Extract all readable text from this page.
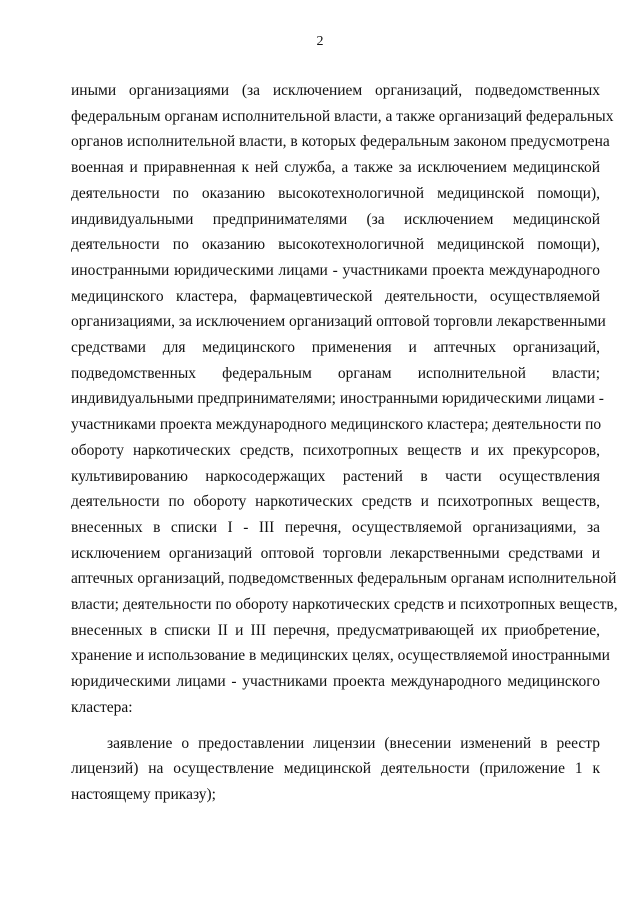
2

иными организациями (за исключением организаций, подведомственных
федеральным органам исполнительной власти, а также организаций федеральных
органов исполнительной власти, в которых федеральным законом предусмотрена
военная и приравненная к ней служба, а также за исключением медицинской
деятельности по оказанию высокотехнологичной медицинской помощи),
индивидуальными предпринимателями (за исключением медицинской
деятельности по оказанию высокотехнологичной медицинской помощи),
иностранными юридическими лицами - участниками проекта международного
медицинского кластера, фармацевтической деятельности, осуществляемой
организациями, за исключением организаций оптовой торговли лекарственными
средствами для медицинского применения и аптечных организаций,
подведомственных федеральным органам исполнительной власти;
индивидуальными предпринимателями; иностранными юридическими лицами -
участниками проекта международного медицинского кластера; деятельности по
обороту наркотических средств, психотропных веществ и их прекурсоров,
культивированию наркосодержащих растений в части осуществления
деятельности по обороту наркотических средств и психотропных веществ,
внесенных в списки I - III перечня, осуществляемой организациями, за
исключением организаций оптовой торговли лекарственными средствами и
аптечных организаций, подведомственных федеральным органам исполнительной
власти; деятельности по обороту наркотических средств и психотропных веществ,
внесенных в списки II и III перечня, предусматривающей их приобретение,
хранение и использование в медицинских целях, осуществляемой иностранными
юридическими лицами - участниками проекта международного медицинского
кластера:

заявление о предоставлении лицензии (внесении изменений в реестр
лицензий) на осуществление медицинской деятельности (приложение 1 к
настоящему приказу);
